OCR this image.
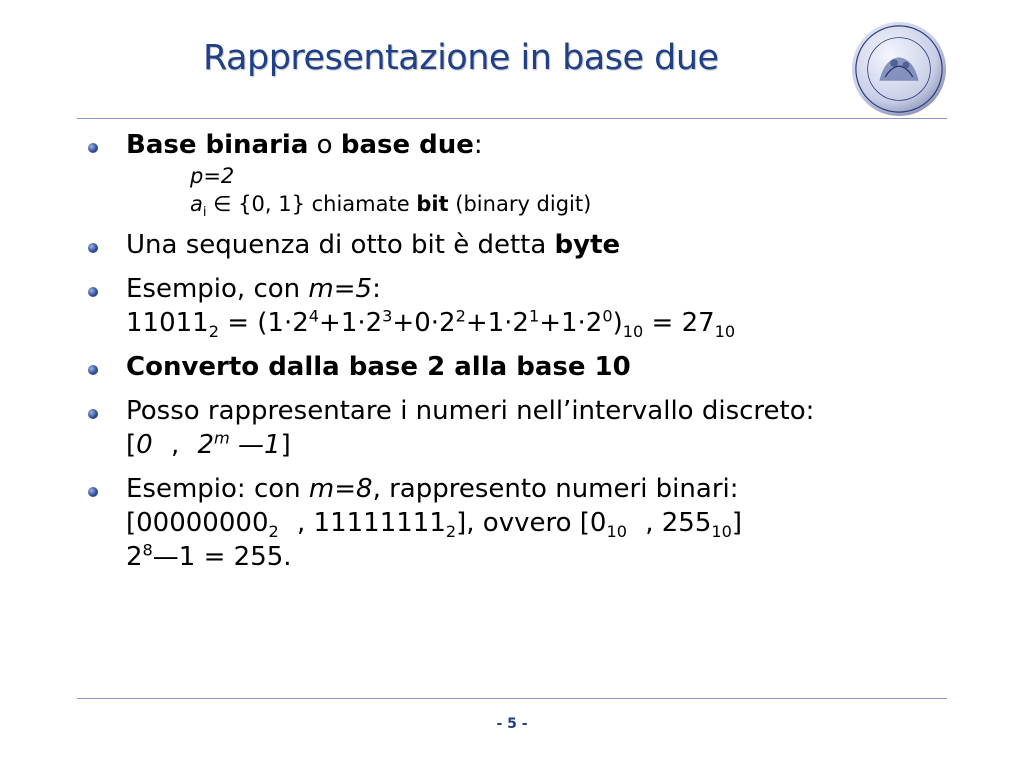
Rappresentazione in base due
Base binaria o base due:
p=2
$a_i$ ∈ {0, 1} chiamate bit (binary digit)
Una sequenza di otto bit è detta byte
Esempio, con m=5:
$11011_2 = (1\cdot 2^4+1\cdot 2^3+0\cdot 2^2+1\cdot 2^1+1\cdot 2^0)_{10} = 27_{10}$
Converto dalla base 2 alla base 10
Posso rappresentare i numeri nell’intervallo discreto:
[0 , 2$^m$ —1]
Esempio: con m=8, rappresento numeri binari:
[$00000000_2$ , $11111111_2$], ovvero [$0_{10}$ , $255_{10}$]
$2^8—1 = 255$.
- 5 -
